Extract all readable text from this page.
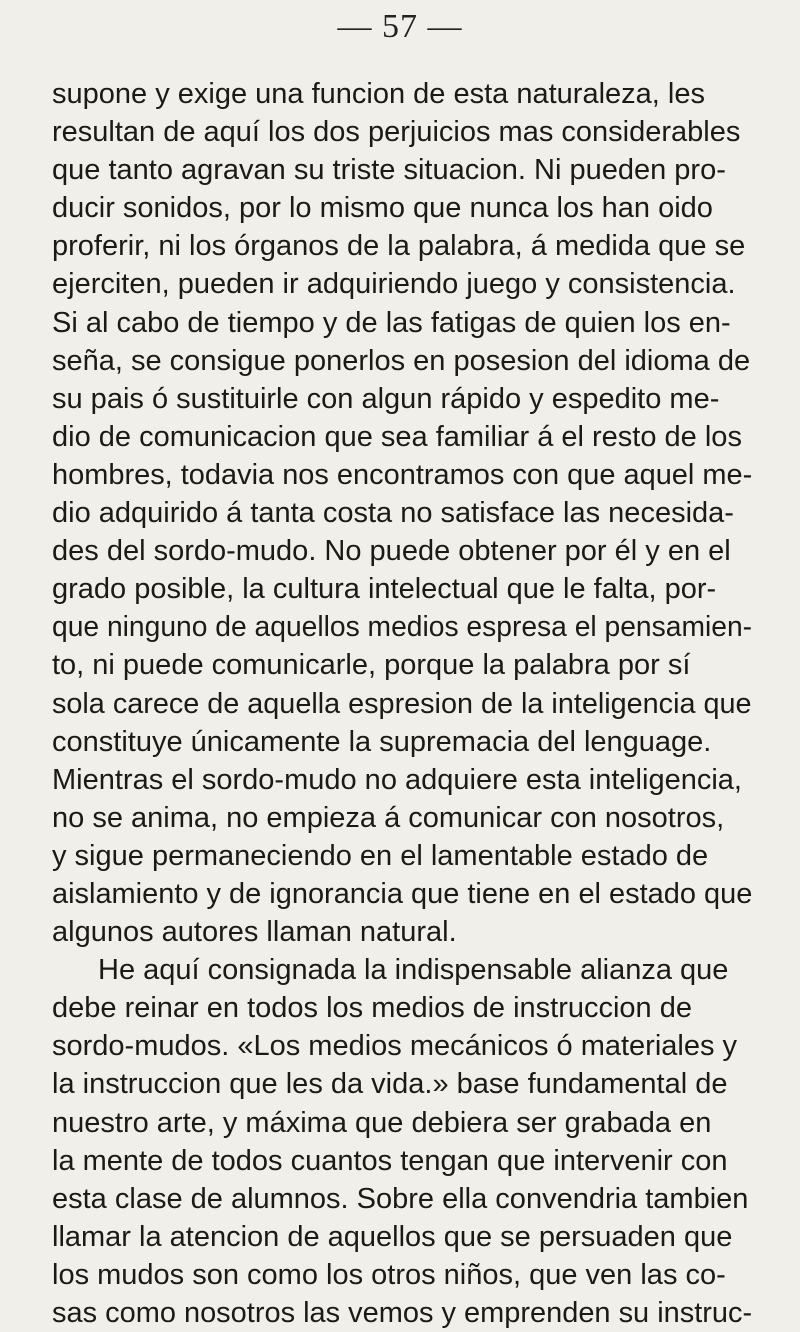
— 57 —
supone y exige una funcion de esta naturaleza, les
resultan de aquí los dos perjuicios mas considerables
que tanto agravan su triste situacion. Ni pueden pro-
ducir sonidos, por lo mismo que nunca los han oido
proferir, ni los órganos de la palabra, á medida que se
ejerciten, pueden ir adquiriendo juego y consistencia.
Si al cabo de tiempo y de las fatigas de quien los en-
seña, se consigue ponerlos en posesion del idioma de
su pais ó sustituirle con algun rápido y espedito me-
dio de comunicacion que sea familiar á el resto de los
hombres, todavia nos encontramos con que aquel me-
dio adquirido á tanta costa no satisface las necesida-
des del sordo-mudo. No puede obtener por él y en el
grado posible, la cultura intelectual que le falta, por-
que ninguno de aquellos medios espresa el pensamien-
to, ni puede comunicarle, porque la palabra por sí
sola carece de aquella espresion de la inteligencia que
constituye únicamente la supremacia del lenguage.
Mientras el sordo-mudo no adquiere esta inteligencia,
no se anima, no empieza á comunicar con nosotros,
y sigue permaneciendo en el lamentable estado de
aislamiento y de ignorancia que tiene en el estado que
algunos autores llaman natural.
He aquí consignada la indispensable alianza que
debe reinar en todos los medios de instruccion de
sordo-mudos. «Los medios mecánicos ó materiales y
la instruccion que les da vida.» base fundamental de
nuestro arte, y máxima que debiera ser grabada en
la mente de todos cuantos tengan que intervenir con
esta clase de alumnos. Sobre ella convendria tambien
llamar la atencion de aquellos que se persuaden que
los mudos son como los otros niños, que ven las co-
sas como nosotros las vemos y emprenden su instruc-
